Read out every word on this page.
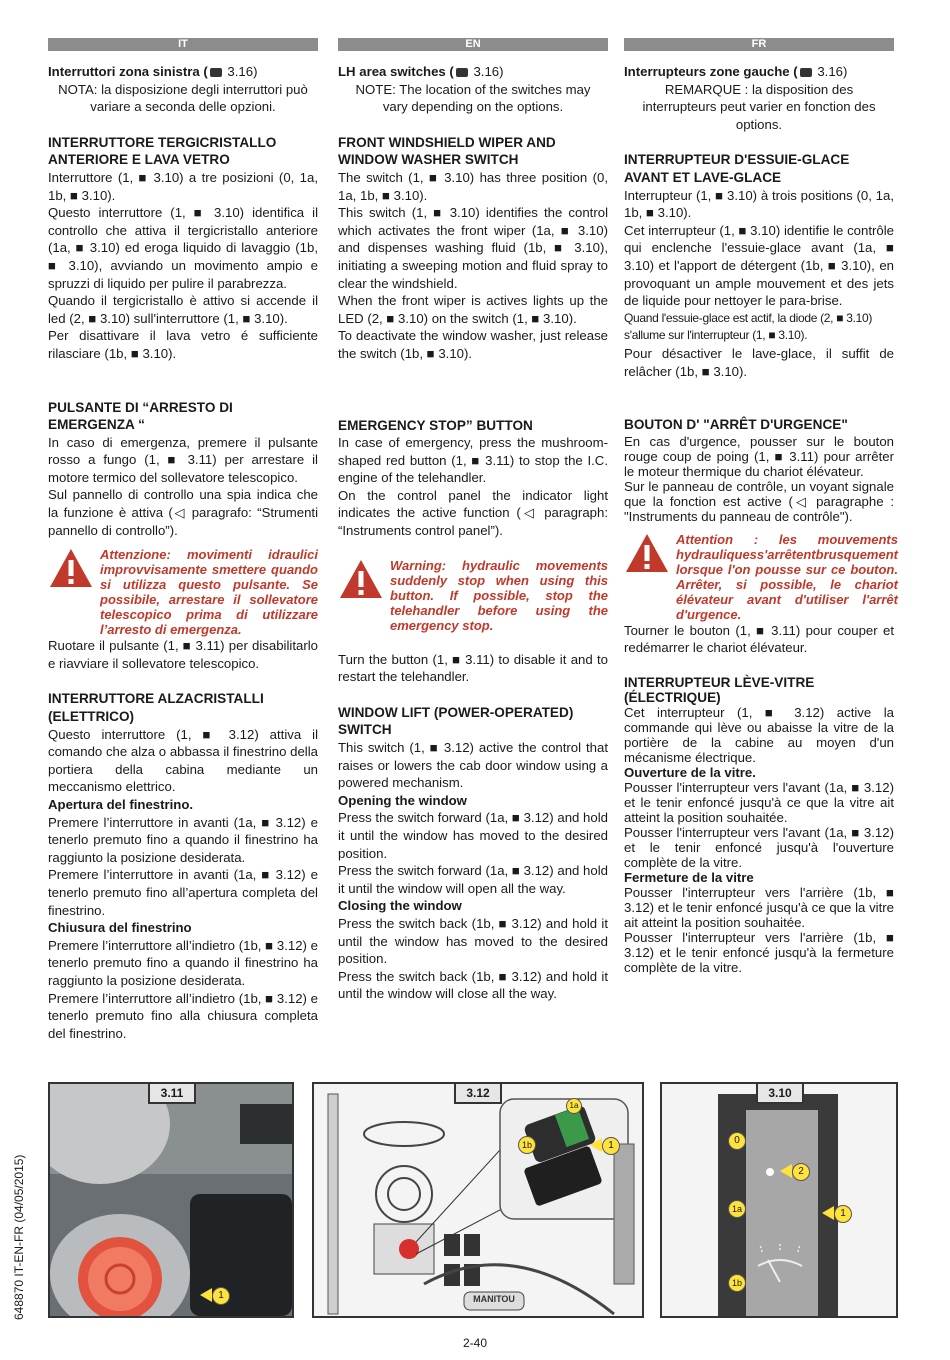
IT

Interruttori zona sinistra ( 3.16)

NOTA: la disposizione degli interruttori può variare a seconda delle opzioni.

INTERRUTTORE TERGICRISTALLO ANTERIORE E LAVA VETRO

Interruttore (1, ■ 3.10) a tre posizioni (0, 1a, 1b, ■ 3.10).

Questo interruttore (1, ■ 3.10) identifica il controllo che attiva il tergicristallo anteriore (1a, ■ 3.10) ed eroga liquido di lavaggio (1b, ■ 3.10), avviando un movimento ampio e spruzzi di liquido per pulire il parabrezza.

Quando il tergicristallo è attivo si accende il led (2, ■ 3.10) sull'interruttore (1, ■ 3.10).

Per disattivare il lava vetro é sufficiente rilasciare (1b, ■ 3.10).

PULSANTE DI “ARRESTO DI EMERGENZA “

In caso di emergenza, premere il pulsante rosso a fungo (1, ■ 3.11) per arrestare il motore termico del sollevatore telescopico.

Sul pannello di controllo una spia indica che la funzione è attiva (◁ paragrafo: “Strumenti pannello di controllo”).

Attenzione: movimenti idraulici improvvisamente smettere quando si utilizza questo pulsante. Se possibile, arrestare il sollevatore telescopico prima di utilizzare l’arresto di emergenza.

Ruotare il pulsante (1, ■ 3.11) per disabilitarlo e riavviare il sollevatore telescopico.

INTERRUTTORE ALZACRISTALLI (ELETTRICO)

Questo interruttore (1, ■ 3.12) attiva il comando che alza o abbassa il finestrino della portiera della cabina mediante un meccanismo elettrico.

Apertura del finestrino.

Premere l’interruttore in avanti (1a, ■ 3.12) e tenerlo premuto fino a quando il finestrino ha raggiunto la posizione desiderata.

Premere l’interruttore in avanti (1a, ■ 3.12) e tenerlo premuto fino all’apertura completa del finestrino.

Chiusura del finestrino

Premere l’interruttore all’indietro (1b, ■ 3.12) e tenerlo premuto fino a quando il finestrino ha raggiunto la posizione desiderata.

Premere l’interruttore all’indietro (1b, ■ 3.12) e tenerlo premuto fino alla chiusura completa del finestrino.

EN

LH area switches ( 3.16)

NOTE: The location of the switches may vary depending on the options.

FRONT WINDSHIELD WIPER AND WINDOW WASHER SWITCH

The switch (1, ■ 3.10) has three position (0, 1a, 1b, ■ 3.10).

This switch (1, ■ 3.10) identifies the control which activates the front wiper (1a, ■ 3.10) and dispenses washing fluid (1b, ■ 3.10), initiating a sweeping motion and fluid spray to clear the windshield.

When the front wiper is actives lights up the LED (2, ■ 3.10) on the switch (1, ■ 3.10).

To deactivate the window washer, just release the switch (1b, ■ 3.10).

EMERGENCY STOP” BUTTON

In case of emergency, press the mushroom-shaped red button (1, ■ 3.11) to stop the I.C. engine of the telehandler.

On the control panel the indicator light indicates the active function (◁ paragraph: “Instruments control panel”).

Warning: hydraulic movements suddenly stop when using this button. If possible, stop the telehandler before using the emergency stop.

Turn the button (1, ■ 3.11) to disable it and to restart the telehandler.

WINDOW LIFT (POWER-OPERATED) SWITCH

This switch (1, ■ 3.12) active the control that raises or lowers the cab door window using a powered mechanism.

Opening the window

Press the switch forward (1a, ■ 3.12) and hold it until the window has moved to the desired position.

Press the switch forward (1a, ■ 3.12) and hold it until the window will open all the way.

Closing the window

Press the switch back (1b, ■ 3.12) and hold it until the window has moved to the desired position.

Press the switch back (1b, ■ 3.12) and hold it until the window will close all the way.

FR

Interrupteurs zone gauche ( 3.16)

REMARQUE : la disposition des interrupteurs peut varier en fonction des options.

INTERRUPTEUR D'ESSUIE-GLACE AVANT ET LAVE-GLACE

Interrupteur (1, ■ 3.10) à trois positions (0, 1a, 1b, ■ 3.10).

Cet interrupteur (1, ■ 3.10) identifie le contrôle qui enclenche l'essuie-glace avant (1a, ■ 3.10) et l'apport de détergent (1b, ■ 3.10), en provoquant un ample mouvement et des jets de liquide pour nettoyer le para-brise.

Quand l'essuie-glace est actif, la diode (2, ■ 3.10) s'allume sur l'interrupteur (1, ■ 3.10).

Pour désactiver le lave-glace, il suffit de relâcher (1b, ■ 3.10).

BOUTON D' "ARRÊT D'URGENCE"

En cas d'urgence, pousser sur le bouton rouge coup de poing (1, ■ 3.11) pour arrêter le moteur thermique du chariot élévateur.

Sur le panneau de contrôle, un voyant signale que la fonction est active (◁ paragraphe : "Instruments du panneau de contrôle").

Attention : les mouvements hydrauliquess'arrêtentbrusquement lorsque l'on pousse sur ce bouton. Arrêter, si possible, le chariot élévateur avant d'utiliser l'arrêt d'urgence.

Tourner le bouton (1, ■ 3.11) pour couper et redémarrer le chariot élévateur.

INTERRUPTEUR LÈVE-VITRE (ÉLECTRIQUE)

Cet interrupteur (1, ■ 3.12) active la commande qui lève ou abaisse la vitre de la portière de la cabine au moyen d'un mécanisme électrique.

Ouverture de la vitre.

Pousser l'interrupteur vers l'avant (1a, ■ 3.12) et le tenir enfoncé jusqu'à ce que la vitre ait atteint la position souhaitée.

Pousser l'interrupteur vers l'avant (1a, ■ 3.12) et le tenir enfoncé jusqu'à l'ouverture complète de la vitre.

Fermeture de la vitre

Pousser l'interrupteur vers l'arrière (1b, ■ 3.12) et le tenir enfoncé jusqu'à ce que la vitre ait atteint la position souhaitée.

Pousser l'interrupteur vers l'arrière (1b, ■ 3.12) et le tenir enfoncé jusqu'à la fermeture complète de la vitre.

3.11
1
3.12
1a
1b	1
MANITOU
3.10
0
2
1a	1
1b
648870 IT-EN-FR (04/05/2015)
2-40
